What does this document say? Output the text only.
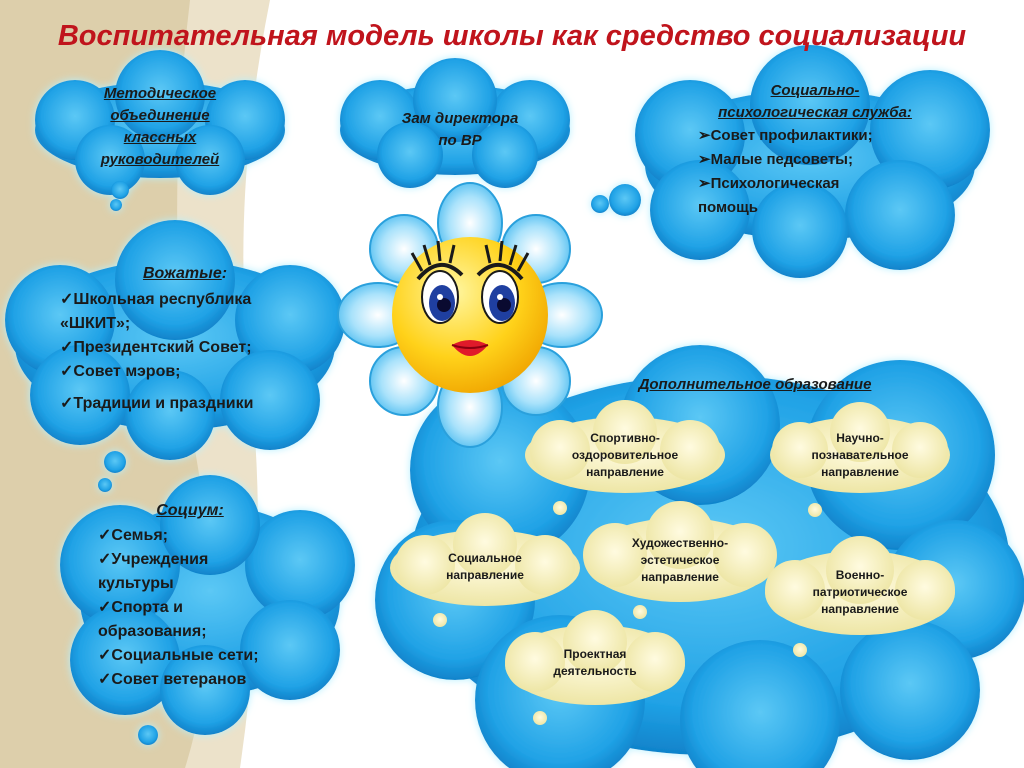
Воспитательная модель школы как средство социализации
Методическое
объединение
классных
руководителей
Зам директора
по ВР
Социально-
психологическая служба:
➢Совет профилактики;
➢Малые педсоветы;
➢Психологическая
помощь
Вожатые:
✓Школьная республика
«ШКИТ»;
✓Президентский Совет;
✓Совет мэров;
✓Традиции и праздники
Социум:
✓Семья;
✓Учреждения
культуры
✓Спорта и
образования;
✓Социальные сети;
✓Совет ветеранов
Дополнительное образование
Спортивно-
оздоровительное
направление
Научно-
познавательное
направление
Социальное
направление
Художественно-
эстетическое
направление	Военно-
патриотическое
направление
Проектная
деятельность
